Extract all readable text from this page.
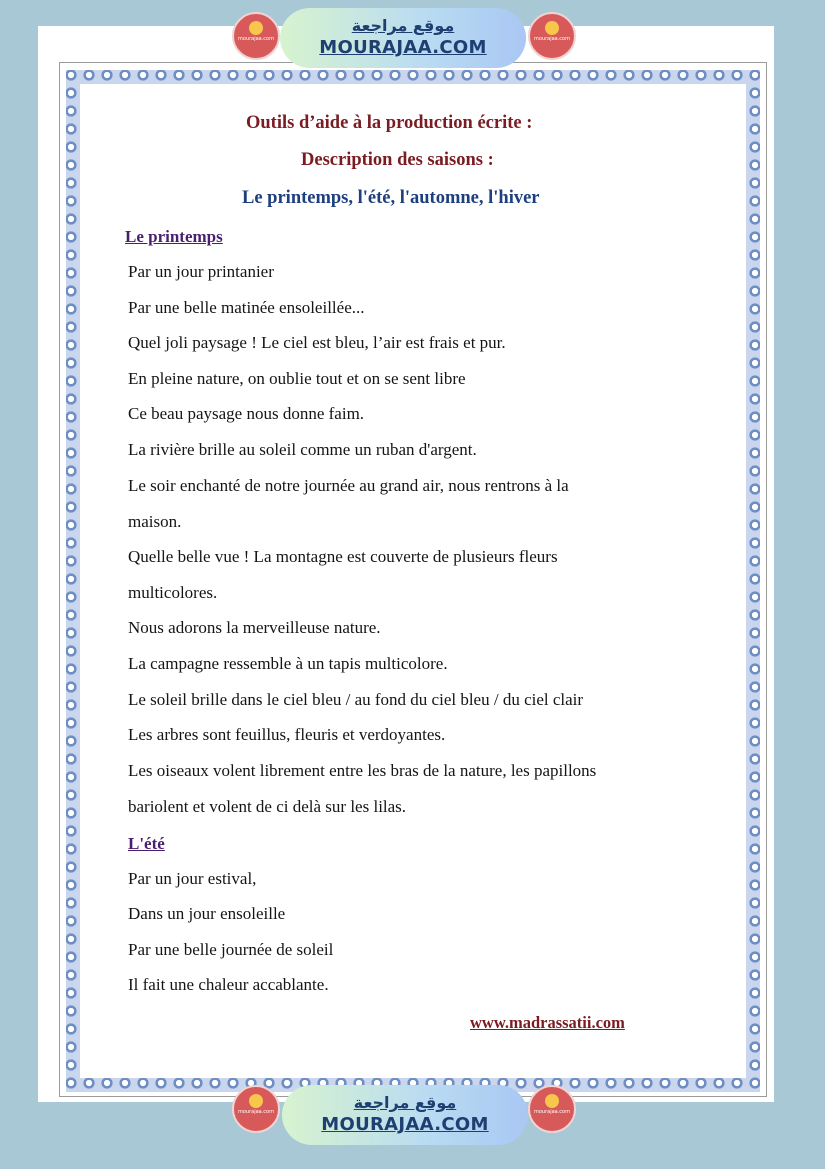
mourajaa.com
موقع مراجعة
MOURAJAA.COM	mourajaa.com
mourajaa.com	موقع مراجعة
MOURAJAA.COM
mourajaa.com
Outils d’aide à la production écrite :
Description des saisons :
Le printemps, l'été, l'automne, l'hiver
Le printemps
Par un jour printanier
Par une belle matinée ensoleillée...
Quel joli paysage ! Le ciel est bleu, l’air est frais et pur.
En pleine nature, on oublie tout et on se sent libre
Ce beau paysage nous donne faim.
La rivière brille au soleil comme un ruban d'argent.
Le soir enchanté de notre journée au grand air, nous rentrons à la
maison.
Quelle belle vue ! La montagne est couverte de plusieurs fleurs
multicolores.
Nous adorons la merveilleuse nature.
La campagne ressemble à un tapis multicolore.
Le soleil brille dans le ciel bleu / au fond du ciel bleu / du ciel clair
Les arbres sont feuillus, fleuris et verdoyantes.
Les oiseaux volent librement entre les bras de la nature, les papillons
bariolent et volent de ci delà sur les lilas.
L'été
Par un jour estival,
Dans un jour ensoleille
Par une belle journée de soleil
Il fait une chaleur accablante.
www.madrassatii.com
